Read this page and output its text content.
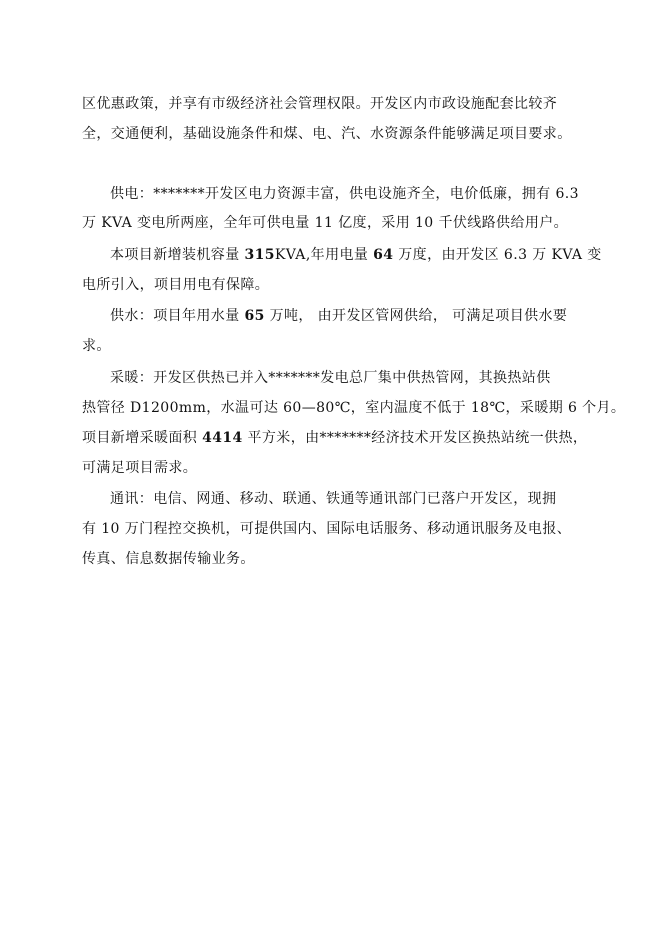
区优惠政策，并享有市级经济社会管理权限。开发区内市政设施配套比较齐
全，交通便利，基础设施条件和煤、电、汽、水资源条件能够满足项目要求。
供电：*******开发区电力资源丰富，供电设施齐全，电价低廉，拥有 6.3
万 KVA 变电所两座，全年可供电量 11 亿度，采用 10 千伏线路供给用户。
本项目新增装机容量 315KVA,年用电量 64 万度，由开发区 6.3 万 KVA 变
电所引入，项目用电有保障。
供水：项目年用水量 65 万吨， 由开发区管网供给， 可满足项目供水要
求。
采暖：开发区供热已并入*******发电总厂集中供热管网，其换热站供
热管径 D1200mm，水温可达 60—80℃，室内温度不低于 18℃，采暖期 6 个月。
项目新增采暖面积 4414 平方米，由*******经济技术开发区换热站统一供热，
可满足项目需求。
通讯：电信、网通、移动、联通、铁通等通讯部门已落户开发区，现拥
有 10 万门程控交换机，可提供国内、国际电话服务、移动通讯服务及电报、
传真、信息数据传输业务。
